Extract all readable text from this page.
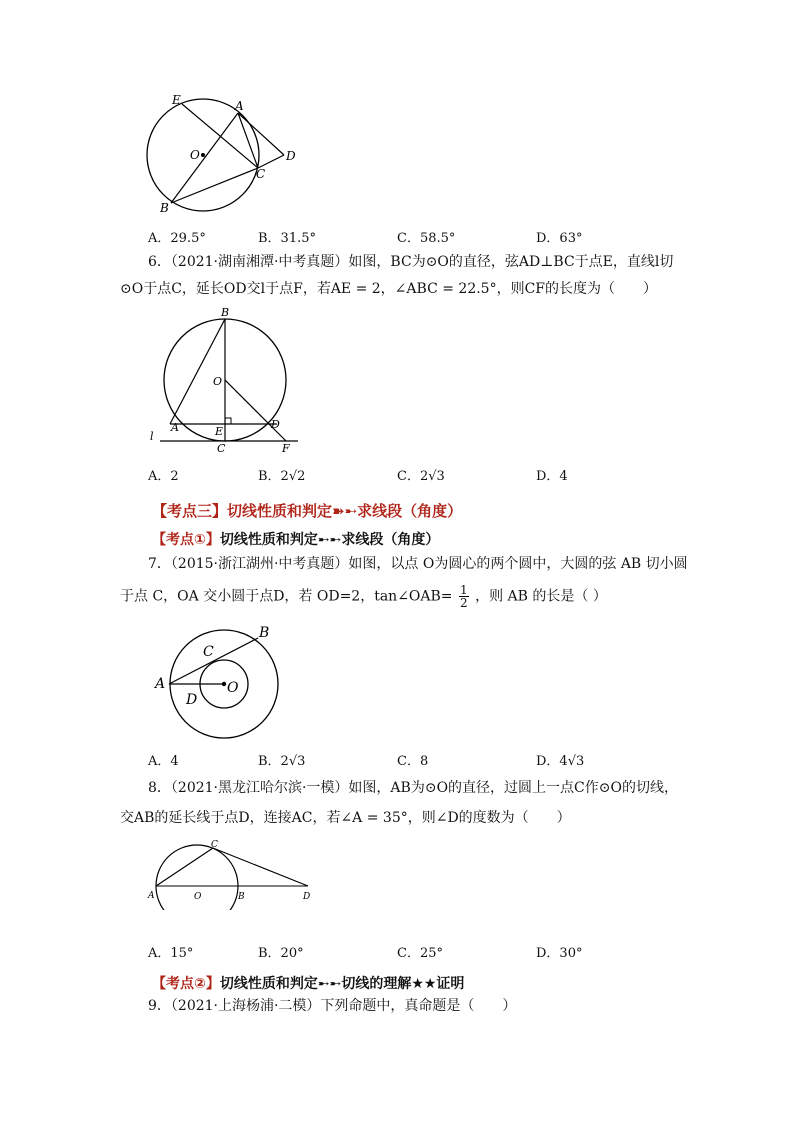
E	A
O	D
C
B
A．29.5°	B．31.5°	C．58.5°	D．63°
6．（2021·湖南湘潭·中考真题）如图，BC为⊙O的直径，弦AD⊥BC于点E，直线l切
⊙O于点C，延长OD交l于点F，若AE = 2，∠ABC = 22.5°，则CF的长度为（　　）
B
O
A	E
D
l
C	F
A．2	B．2√2	C．2√3	D．4
【考点三】切线性质和判定➽➸求线段（角度）
【考点①】切线性质和判定➸➸求线段（角度）
7．（2015·浙江湖州·中考真题）如图，以点 O为圆心的两个圆中，大圆的弦 AB 切小圆
于点 C，OA 交小圆于点D，若 OD=2，tan∠OAB= $\frac{1}{2}$ ，则 AB 的长是（ ）
A
B
C
D
O
A．4	B．2√3	C．8	D．4√3
8．（2021·黑龙江哈尔滨·一模）如图，AB为⊙O的直径，过圆上一点C作⊙O的切线，
交AB的延长线于点D，连接AC，若∠A = 35°，则∠D的度数为（　　）
C
A	O	B	D
A．15°	B．20°	C．25°	D．30°
【考点②】切线性质和判定➸➸切线的理解★★证明
9．（2021·上海杨浦·二模）下列命题中，真命题是（　　）
